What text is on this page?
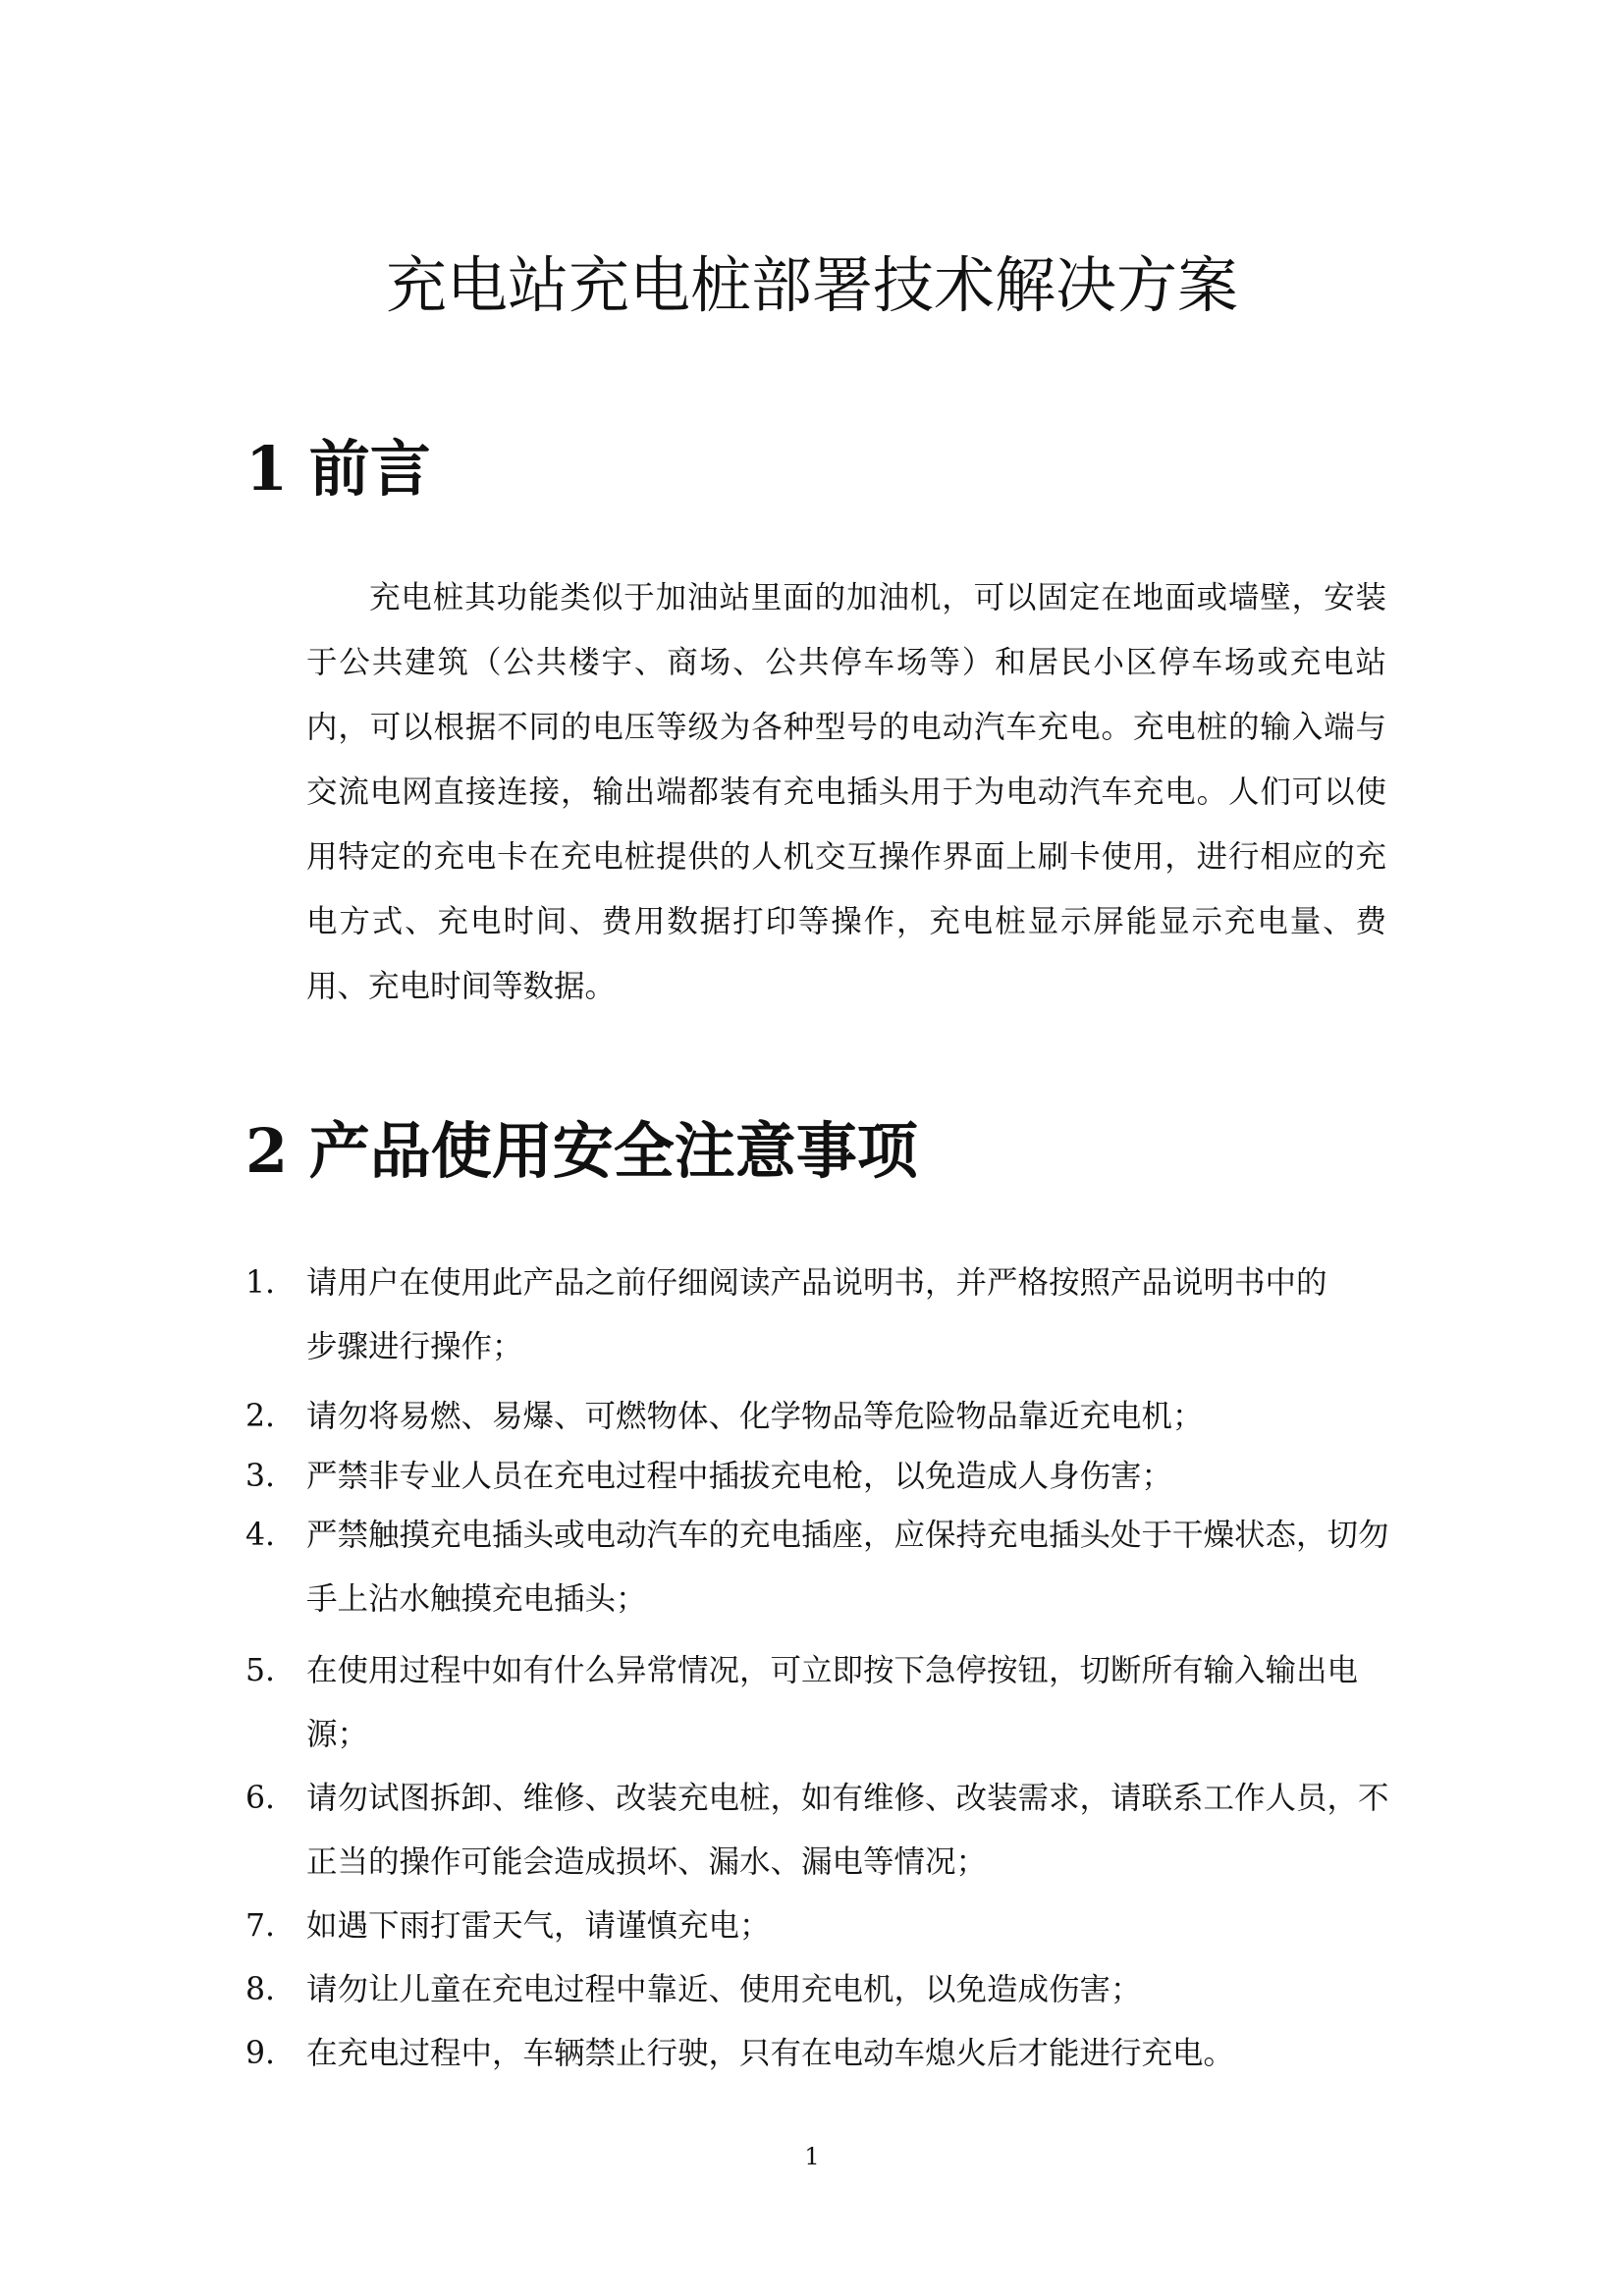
充电站充电桩部署技术解决方案
1 前言

充电桩其功能类似于加油站里面的加油机，可以固定在地面或墙壁，安装于公共建筑（公共楼宇、商场、公共停车场等）和居民小区停车场或充电站内，可以根据不同的电压等级为各种型号的电动汽车充电。充电桩的输入端与交流电网直接连接，输出端都装有充电插头用于为电动汽车充电。人们可以使用特定的充电卡在充电桩提供的人机交互操作界面上刷卡使用，进行相应的充电方式、充电时间、费用数据打印等操作，充电桩显示屏能显示充电量、费用、充电时间等数据。

2 产品使用安全注意事项
1.	请用户在使用此产品之前仔细阅读产品说明书，并严格按照产品说明书中的步骤进行操作；
2.	请勿将易燃、易爆、可燃物体、化学物品等危险物品靠近充电机；
3.	严禁非专业人员在充电过程中插拔充电枪，以免造成人身伤害；
4.	严禁触摸充电插头或电动汽车的充电插座，应保持充电插头处于干燥状态，切勿手上沾水触摸充电插头；
5.	在使用过程中如有什么异常情况，可立即按下急停按钮，切断所有输入输出电源；
6.	请勿试图拆卸、维修、改装充电桩，如有维修、改装需求，请联系工作人员，不正当的操作可能会造成损坏、漏水、漏电等情况；
7.	如遇下雨打雷天气，请谨慎充电；
8.	请勿让儿童在充电过程中靠近、使用充电机，以免造成伤害；
9.	在充电过程中，车辆禁止行驶，只有在电动车熄火后才能进行充电。
1
